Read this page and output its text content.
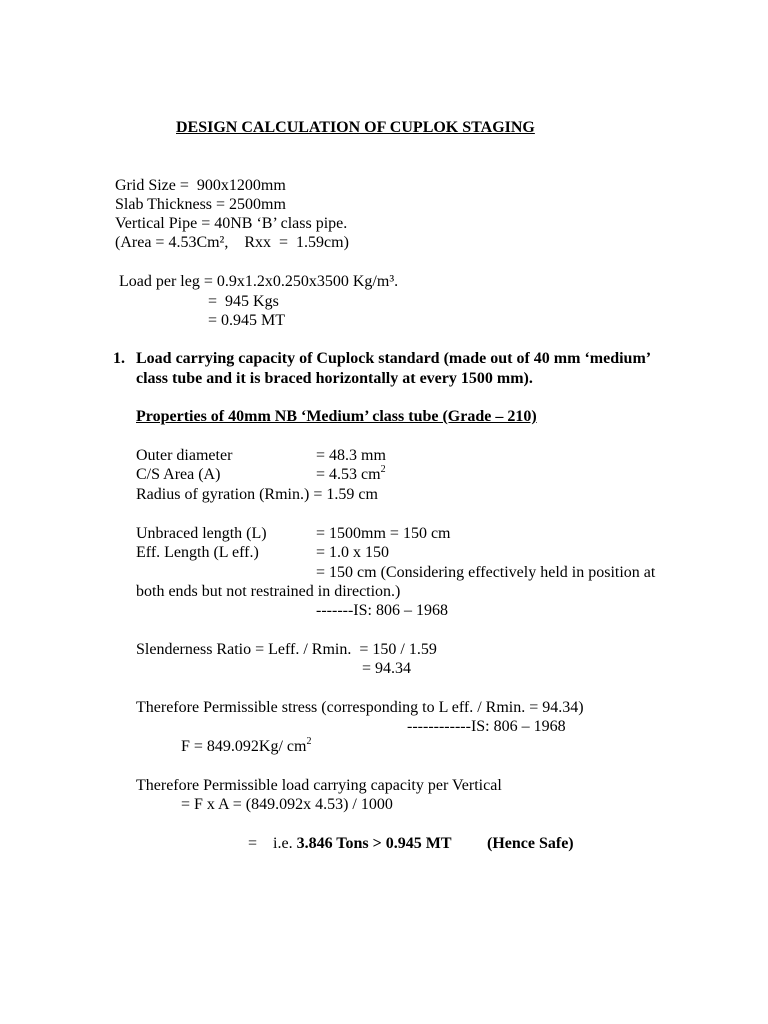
DESIGN CALCULATION OF CUPLOK STAGING
Grid Size =  900x1200mm
Slab Thickness = 2500mm
Vertical Pipe = 40NB ‘B’ class pipe.
(Area = 4.53Cm²,    Rxx  =  1.59cm)
Load per leg = 0.9x1.2x0.250x3500 Kg/m³.
=  945 Kgs
= 0.945 MT
1. Load carrying capacity of Cuplock standard (made out of 40 mm ‘medium’
class tube and it is braced horizontally at every 1500 mm).
Properties of 40mm NB ‘Medium’ class tube (Grade – 210)
Outer diameter	= 48.3 mm
C/S Area (A)	= 4.53 $cm^2$
Radius of gyration (Rmin.) = 1.59 cm
Unbraced length (L)	= 1500mm = 150 cm
Eff. Length (L eff.)	= 1.0 x 150
= 150 cm (Considering effectively held in position at
both ends but not restrained in direction.)
-------IS: 806 – 1968
Slenderness Ratio = Leff. / Rmin.  = 150 / 1.59
= 94.34
Therefore Permissible stress (corresponding to L eff. / Rmin. = 94.34)
------------IS: 806 – 1968
F = 849.092Kg/ $cm^2$
Therefore Permissible load carrying capacity per Vertical
= F x A = (849.092x 4.53) / 1000
=    i.e. 3.846 Tons > 0.945 MT (Hence Safe)
